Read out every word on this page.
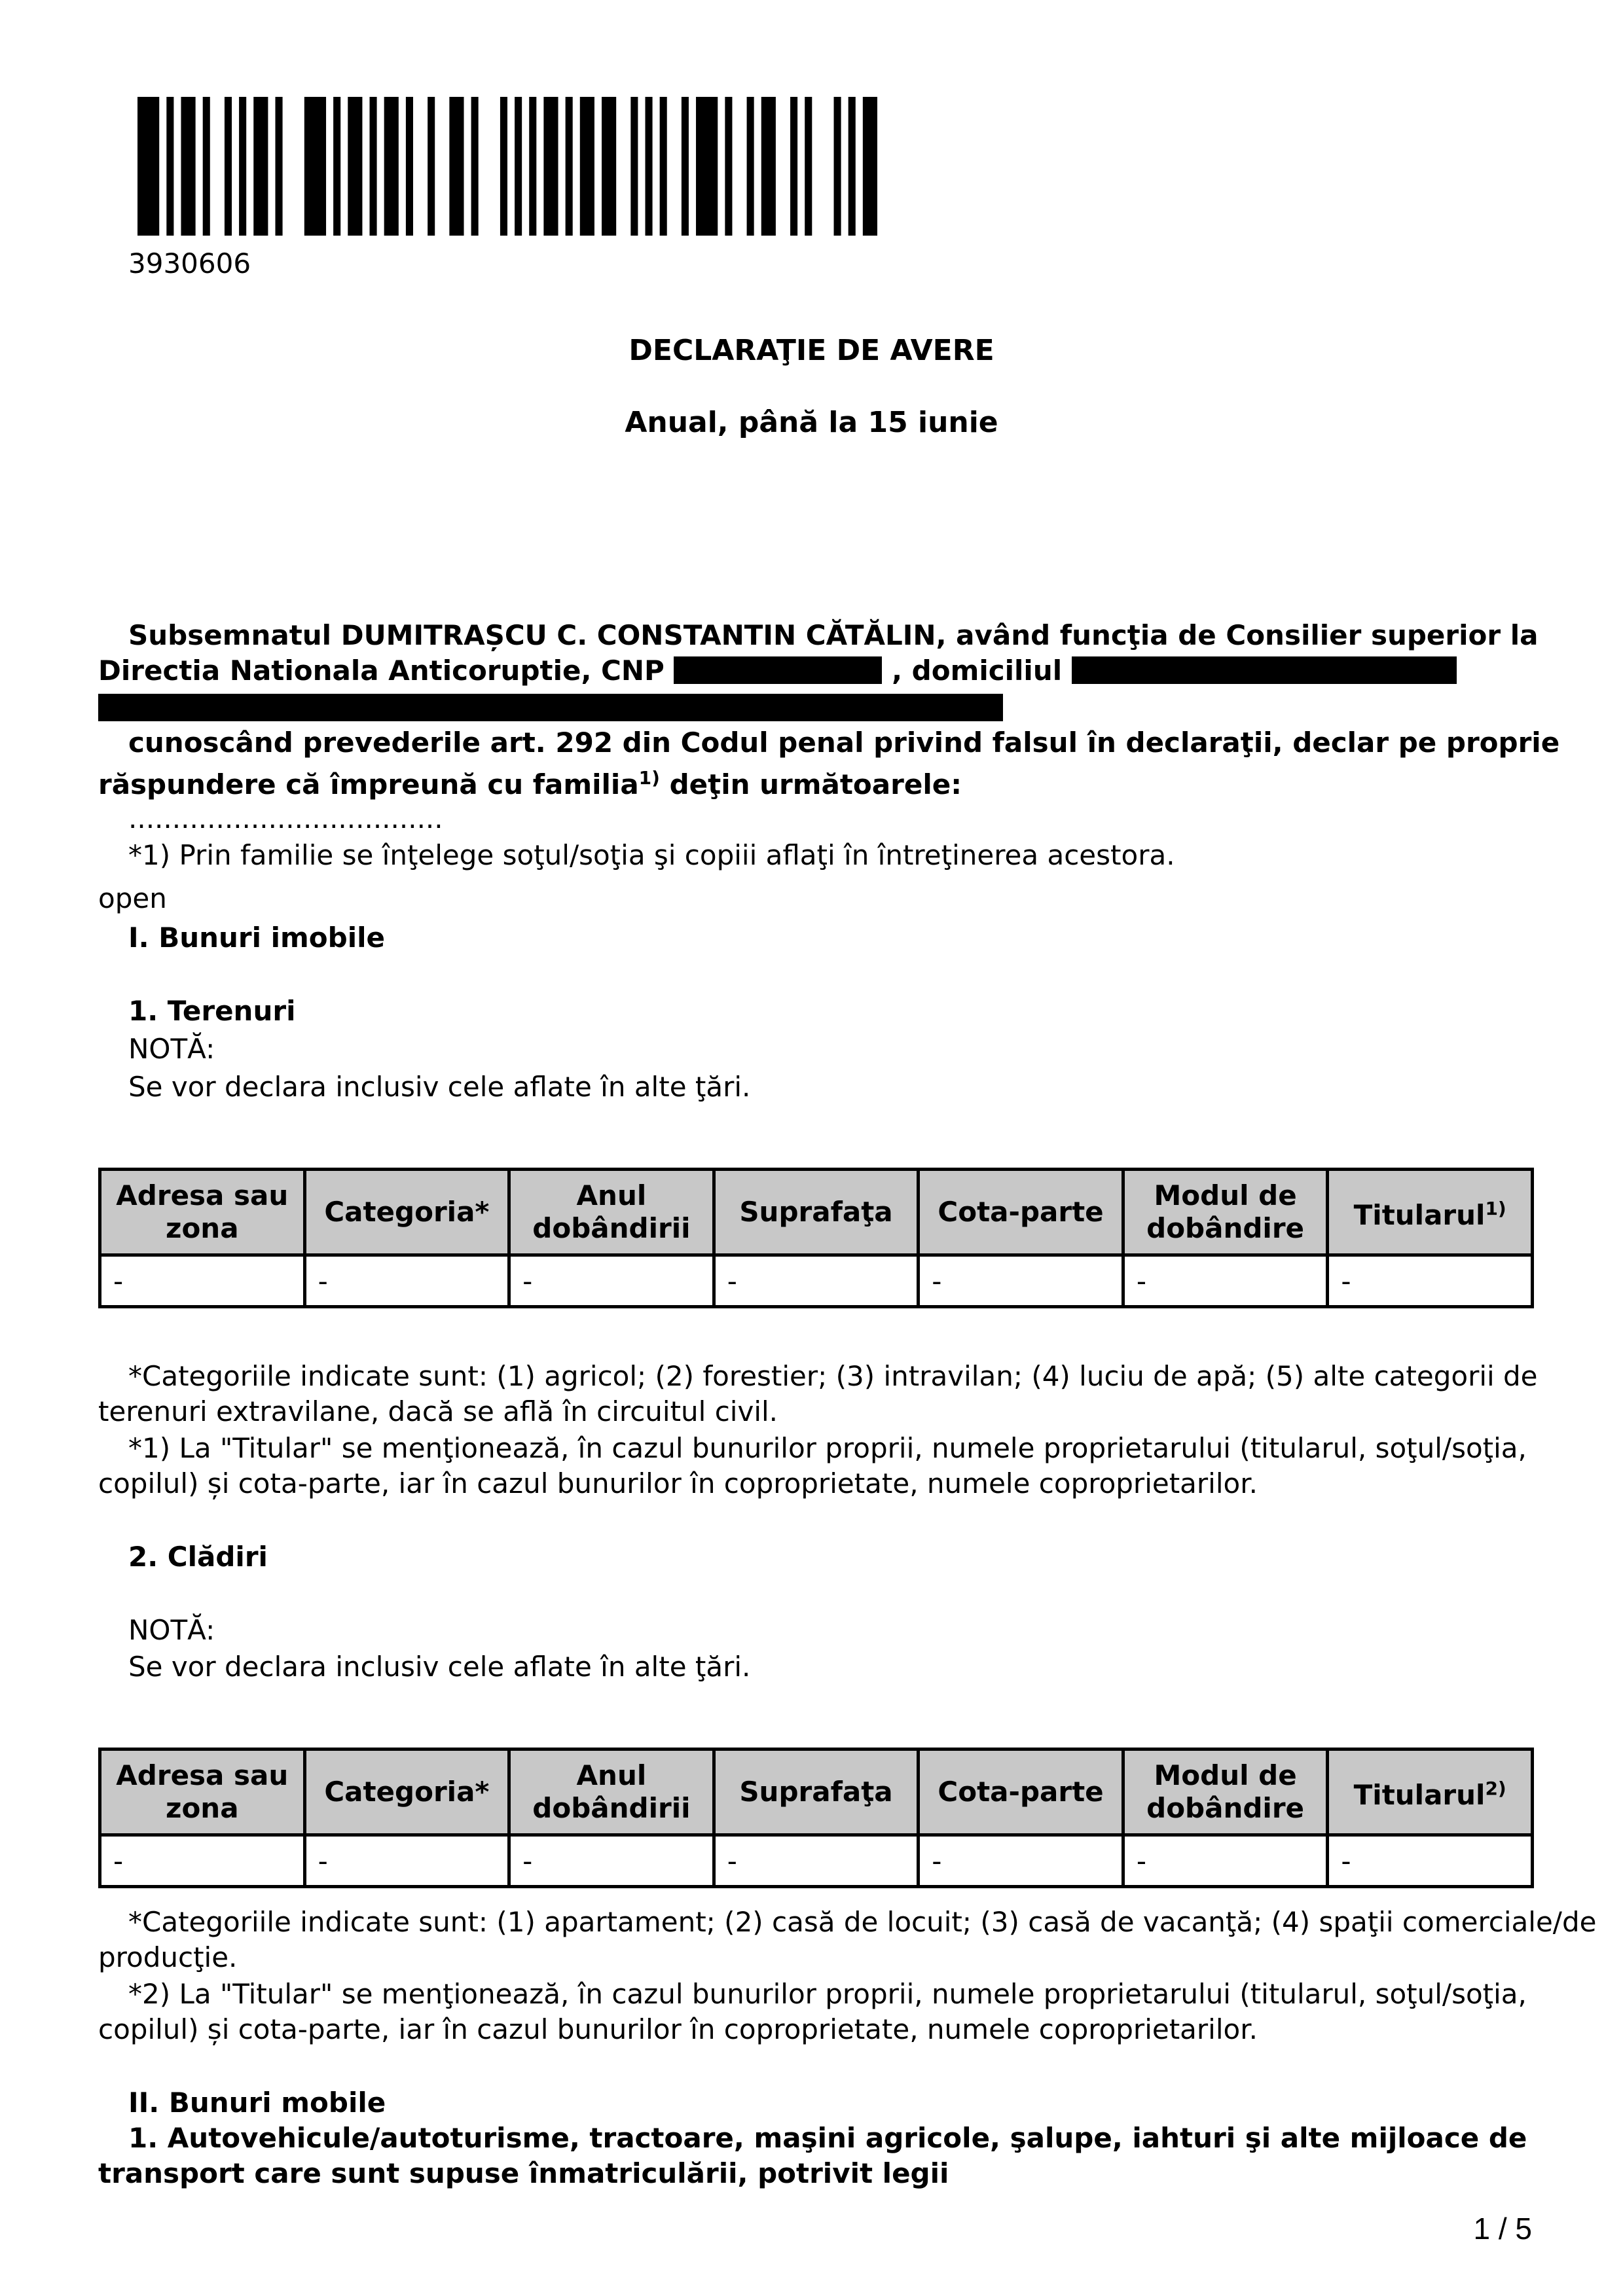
3930606
DECLARAŢIE DE AVERE
Anual, până la 15 iunie
Subsemnatul DUMITRAȘCU C. CONSTANTIN CĂTĂLIN, având funcţia de Consilier superior la
Directia Nationala Anticoruptie, CNP	, domiciliul
cunoscând prevederile art. 292 din Codul penal privind falsul în declaraţii, declar pe proprie
răspundere că împreună cu familia$^{1)}$ deţin următoarele:
....................................
*1) Prin familie se înţelege soţul/soţia şi copiii aflaţi în întreţinerea acestora.
open
I. Bunuri imobile
1. Terenuri
NOTĂ:
Se vor declara inclusiv cele aflate în alte ţări.
Adresa sau zona	Categoria*	Anul dobândirii	Suprafaţa	Cota-parte	Modul de dobândire	Titularul$^{1)}$
-	-	-	-	-	-	-
*Categoriile indicate sunt: (1) agricol; (2) forestier; (3) intravilan; (4) luciu de apă; (5) alte categorii de
terenuri extravilane, dacă se află în circuitul civil.
*1) La "Titular" se menţionează, în cazul bunurilor proprii, numele proprietarului (titularul, soţul/soţia,
copilul) și cota-parte, iar în cazul bunurilor în coproprietate, numele coproprietarilor.
2. Clădiri
NOTĂ:
Se vor declara inclusiv cele aflate în alte ţări.
Adresa sau zona	Categoria*	Anul dobândirii	Suprafaţa	Cota-parte	Modul de dobândire	Titularul$^{2)}$
-	-	-	-	-	-	-
*Categoriile indicate sunt: (1) apartament; (2) casă de locuit; (3) casă de vacanţă; (4) spaţii comerciale/de
producţie.
*2) La "Titular" se menţionează, în cazul bunurilor proprii, numele proprietarului (titularul, soţul/soţia,
copilul) și cota-parte, iar în cazul bunurilor în coproprietate, numele coproprietarilor.
II. Bunuri mobile
1. Autovehicule/autoturisme, tractoare, maşini agricole, şalupe, iahturi şi alte mijloace de
transport care sunt supuse înmatriculării, potrivit legii
1 / 5
